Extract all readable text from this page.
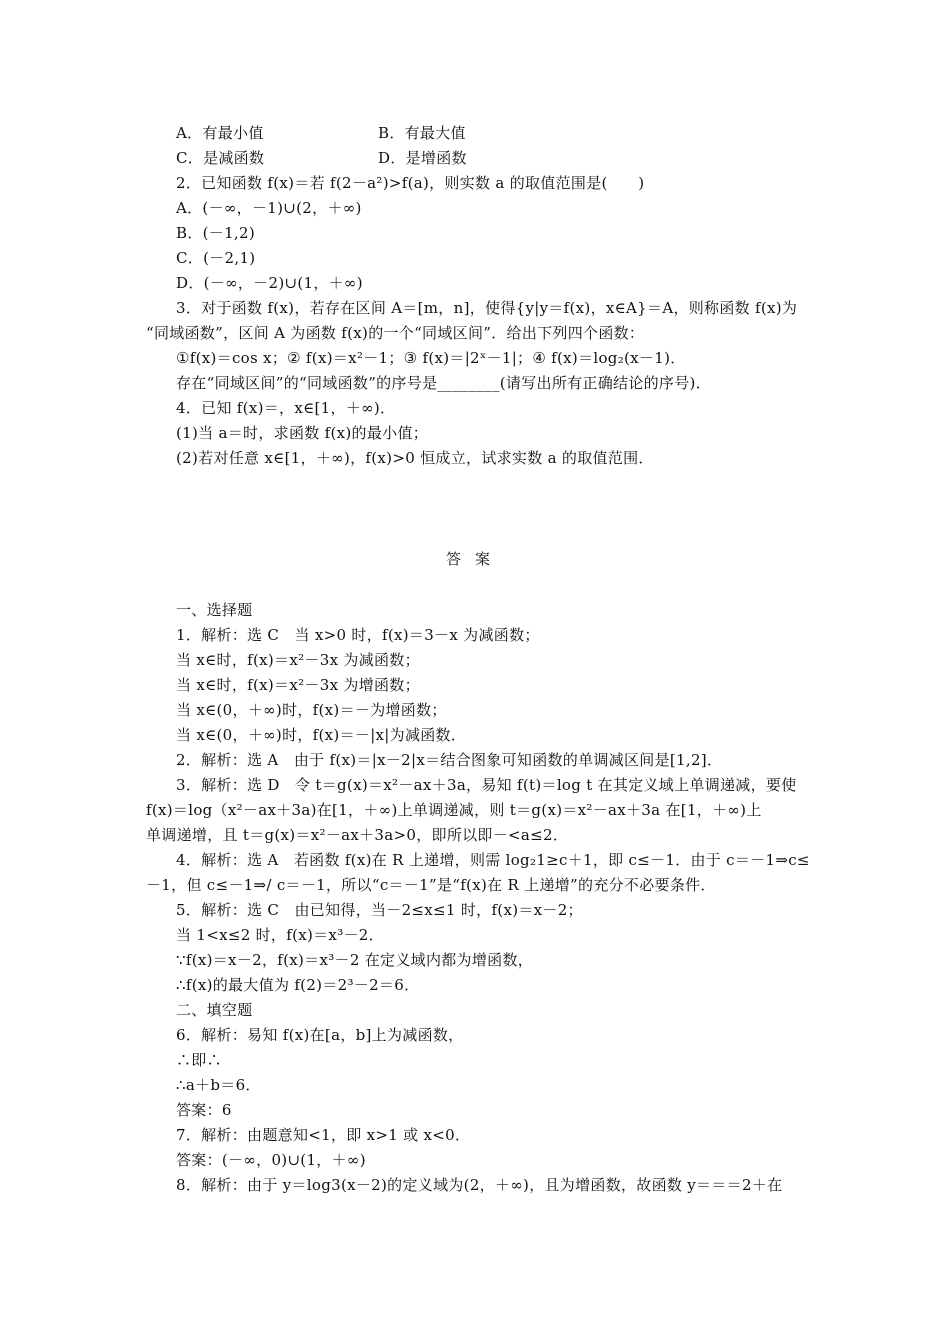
A．有最小值	B．有最大值
C．是减函数	D．是增函数
2．已知函数 f(x)＝若 f(2－a²)>f(a)，则实数 a 的取值范围是(　　)
A．(－∞，－1)∪(2，＋∞)
B．(－1,2)
C．(－2,1)
D．(－∞，－2)∪(1，＋∞)
3．对于函数 f(x)，若存在区间 A＝[m，n]，使得{y|y＝f(x)，x∈A}＝A，则称函数 f(x)为
“同域函数”，区间 A 为函数 f(x)的一个“同域区间”．给出下列四个函数：
①f(x)＝cos x；② f(x)＝x²－1；③ f(x)＝|2ˣ－1|；④ f(x)＝log₂(x－1)．
存在“同域区间”的“同域函数”的序号是________(请写出所有正确结论的序号)．
4．已知 f(x)＝，x∈[1，＋∞)．
(1)当 a＝时，求函数 f(x)的最小值；
(2)若对任意 x∈[1，＋∞)，f(x)>0 恒成立，试求实数 a 的取值范围．
答案
一、选择题
1．解析：选 C　当 x>0 时，f(x)＝3－x 为减函数；
当 x∈时，f(x)＝x²－3x 为减函数；
当 x∈时，f(x)＝x²－3x 为增函数；
当 x∈(0，＋∞)时，f(x)＝－为增函数；
当 x∈(0，＋∞)时，f(x)＝－|x|为减函数．
2．解析：选 A　由于 f(x)＝|x－2|x＝结合图象可知函数的单调减区间是[1,2]．
3．解析：选 D　令 t＝g(x)＝x²－ax＋3a，易知 f(t)＝log t 在其定义域上单调递减，要使
f(x)＝log（x²－ax＋3a)在[1，＋∞)上单调递减，则 t＝g(x)＝x²－ax＋3a 在[1，＋∞)上
单调递增，且 t＝g(x)＝x²－ax＋3a>0，即所以即－<a≤2．
4．解析：选 A　若函数 f(x)在 R 上递增，则需 log₂1≥c＋1，即 c≤－1．由于 c＝－1⇒c≤
－1，但 c≤－1⇒/ c＝－1，所以“c＝－1”是“f(x)在 R 上递增”的充分不必要条件．
5．解析：选 C　由已知得，当－2≤x≤1 时，f(x)＝x－2；
当 1<x≤2 时，f(x)＝x³－2．
∵f(x)＝x－2，f(x)＝x³－2 在定义域内都为增函数，
∴f(x)的最大值为 f(2)＝2³－2＝6．
二、填空题
6．解析：易知 f(x)在[a，b]上为减函数，
∴即∴
∴a＋b＝6．
答案：6
7．解析：由题意知<1，即 x>1 或 x<0．
答案：(－∞，0)∪(1，＋∞)
8．解析：由于 y＝log3(x－2)的定义域为(2，＋∞)，且为增函数，故函数 y＝＝＝2＋在
